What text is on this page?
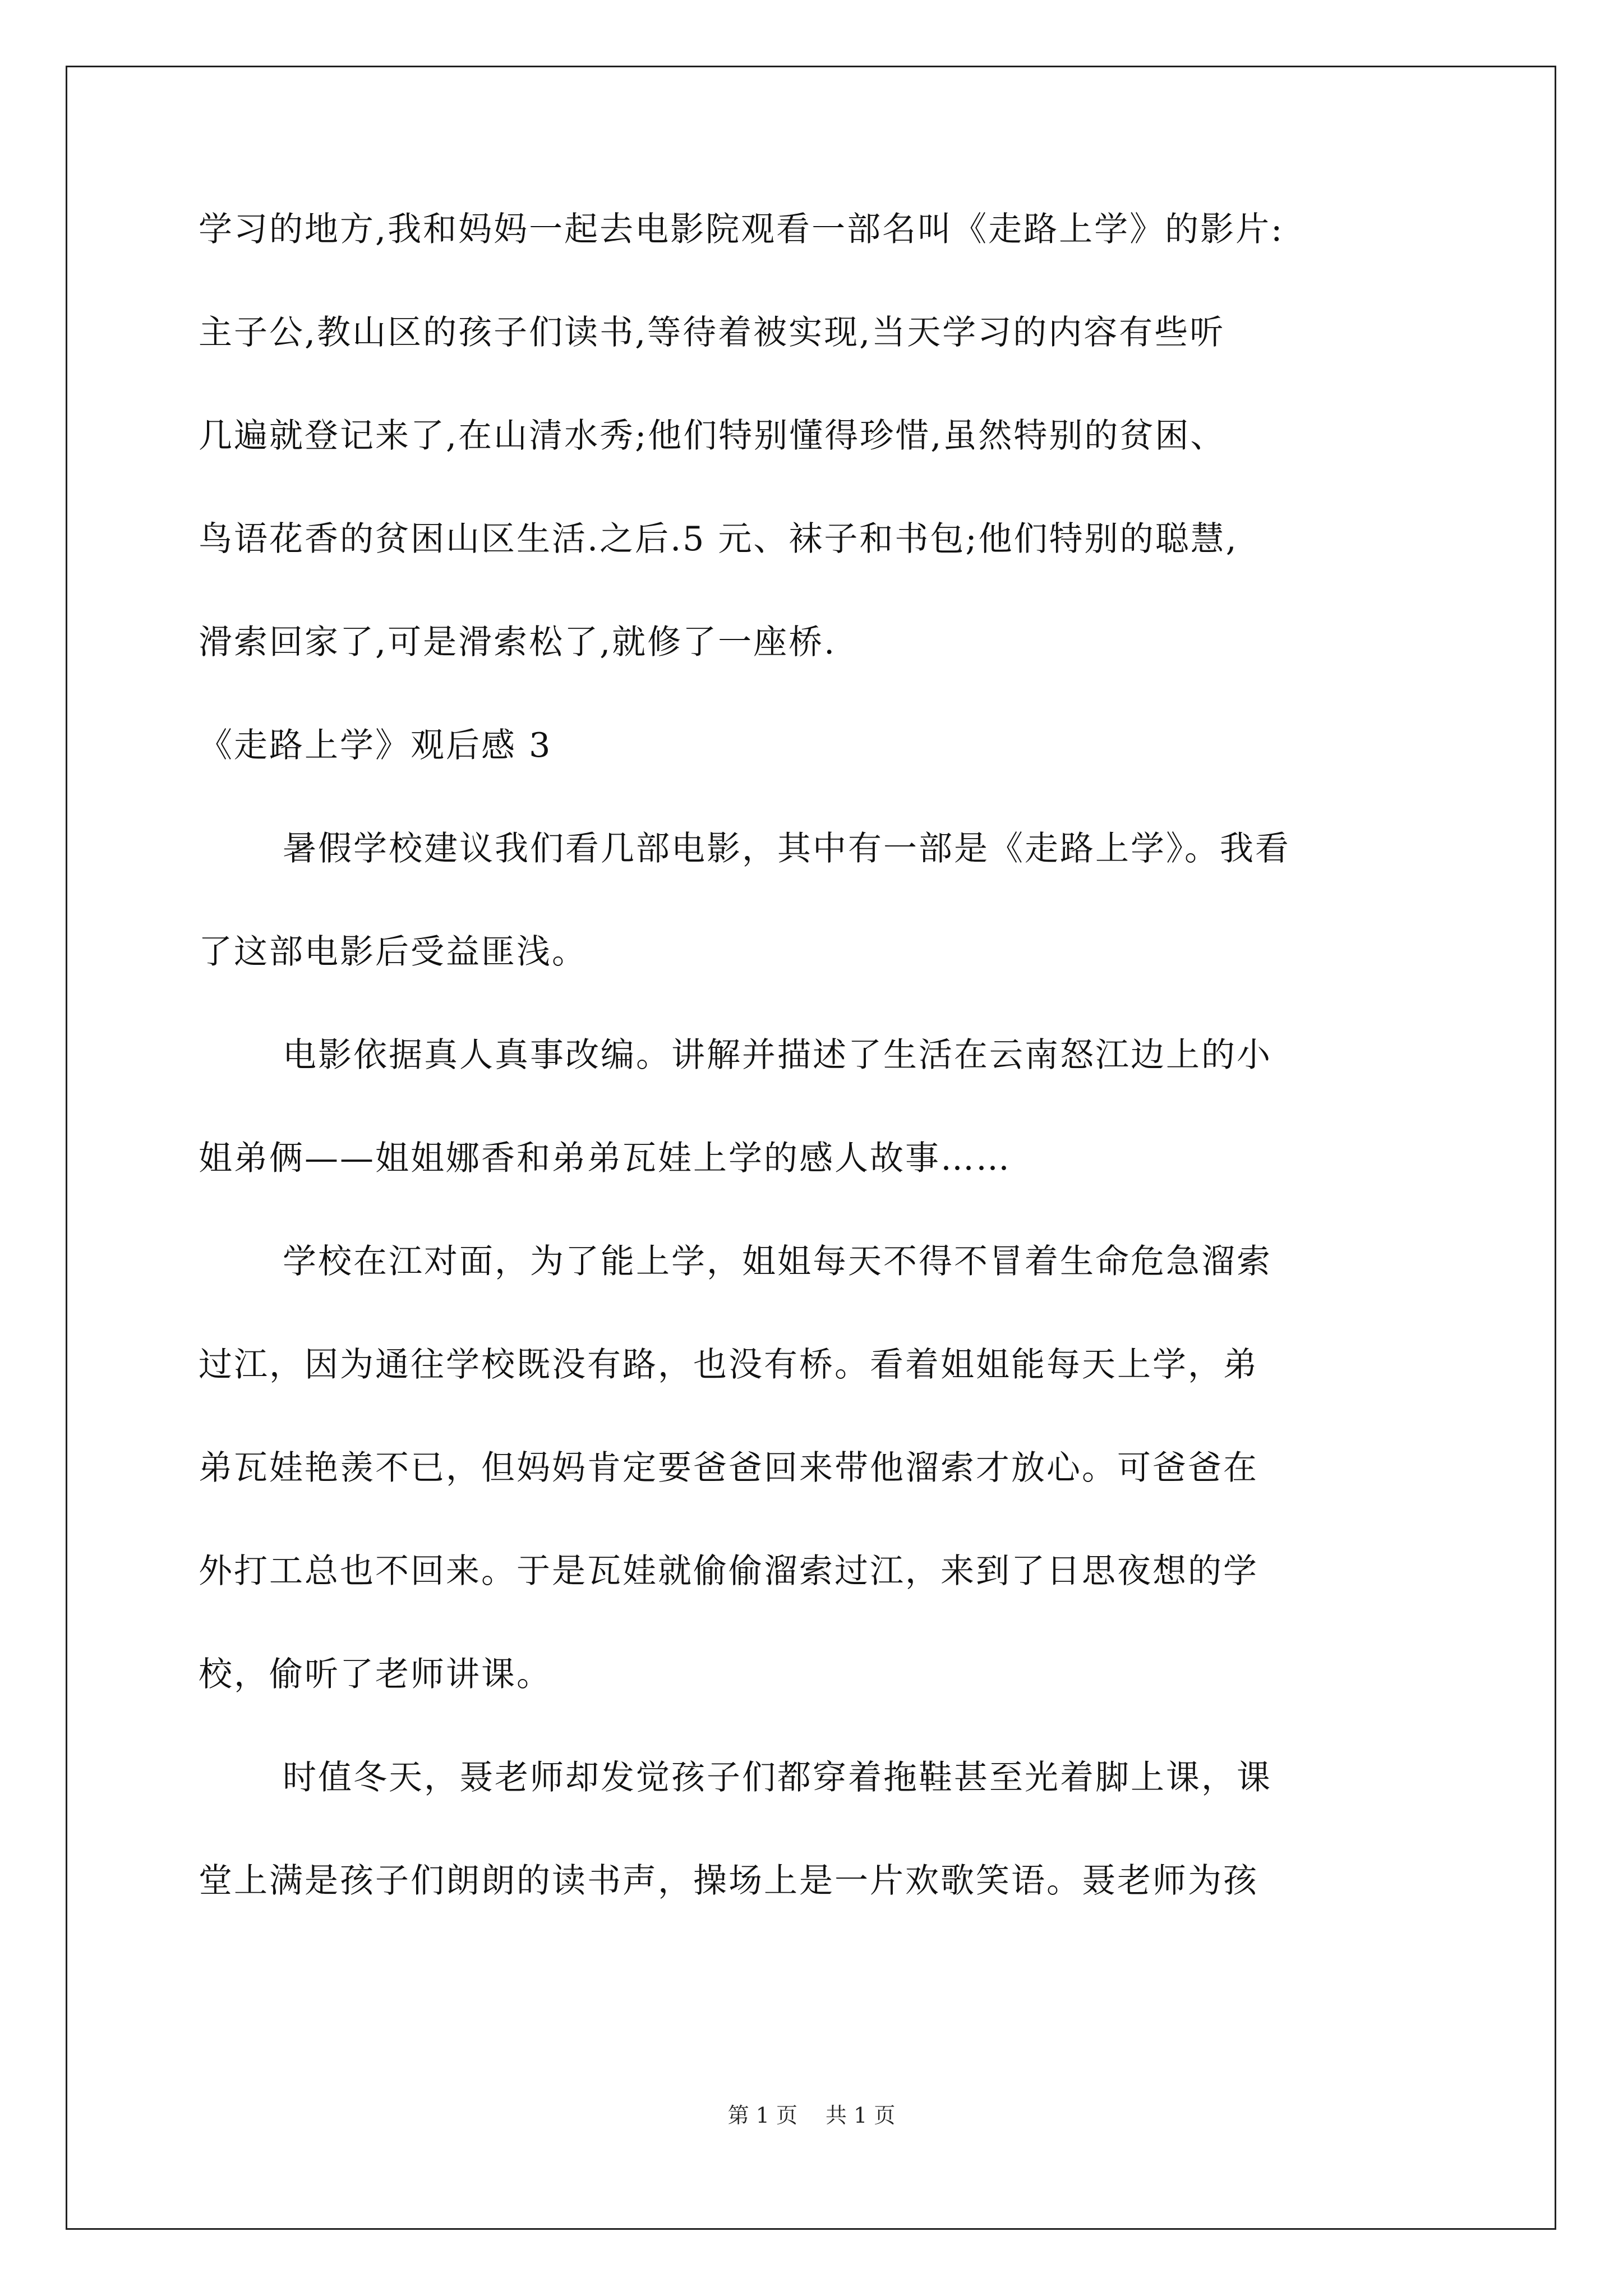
学习的地方,我和妈妈一起去电影院观看一部名叫《走路上学》的影片:
主子公,教山区的孩子们读书,等待着被实现,当天学习的内容有些听
几遍就登记来了,在山清水秀;他们特别懂得珍惜,虽然特别的贫困、
鸟语花香的贫困山区生活.之后.5 元、袜子和书包;他们特别的聪慧,
滑索回家了,可是滑索松了,就修了一座桥.
《走路上学》观后感 3
暑假学校建议我们看几部电影，其中有一部是《走路上学》。我看
了这部电影后受益匪浅。
电影依据真人真事改编。讲解并描述了生活在云南怒江边上的小
姐弟俩——姐姐娜香和弟弟瓦娃上学的感人故事……
学校在江对面，为了能上学，姐姐每天不得不冒着生命危急溜索
过江，因为通往学校既没有路，也没有桥。看着姐姐能每天上学，弟
弟瓦娃艳羡不已，但妈妈肯定要爸爸回来带他溜索才放心。可爸爸在
外打工总也不回来。于是瓦娃就偷偷溜索过江，来到了日思夜想的学
校，偷听了老师讲课。
时值冬天，聂老师却发觉孩子们都穿着拖鞋甚至光着脚上课，课
堂上满是孩子们朗朗的读书声，操场上是一片欢歌笑语。聂老师为孩
第 1 页 共 1 页
